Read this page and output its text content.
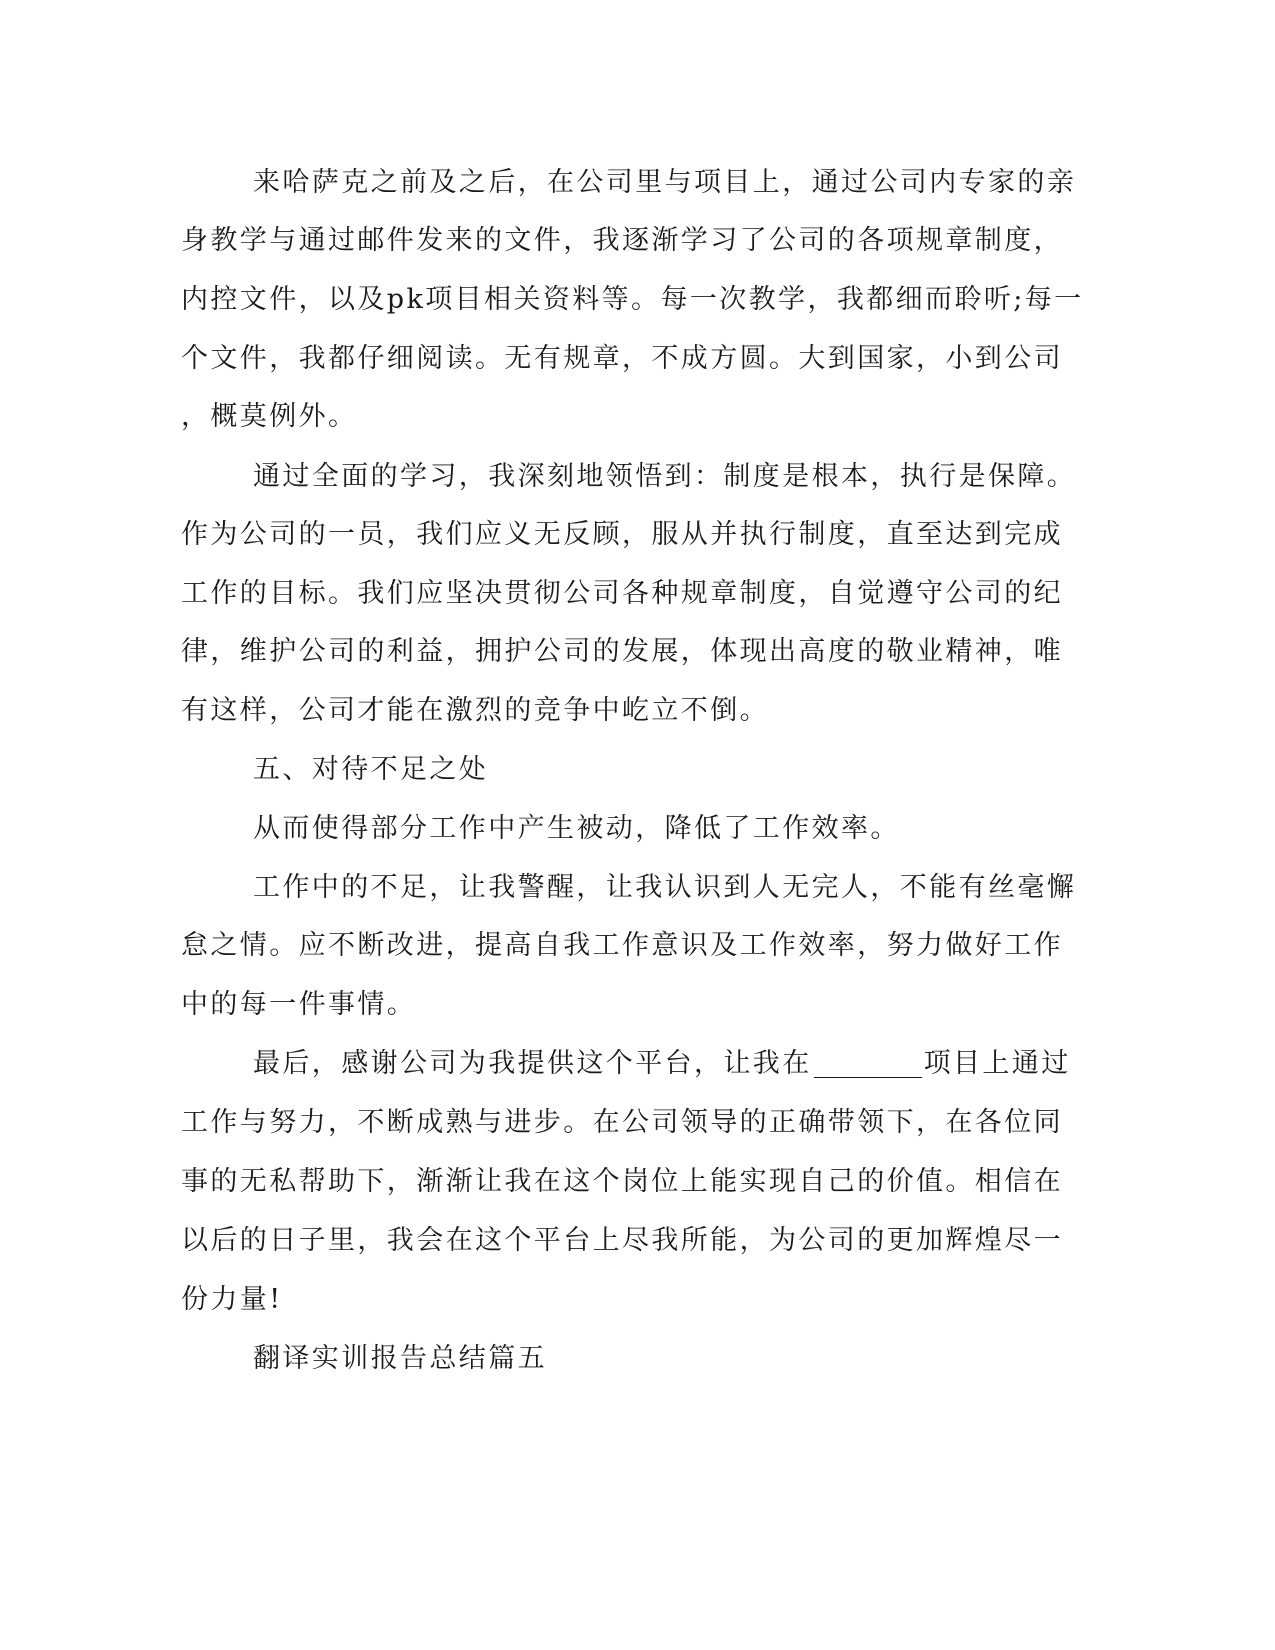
来哈萨克之前及之后，在公司里与项目上，通过公司内专家的亲
身教学与通过邮件发来的文件，我逐渐学习了公司的各项规章制度，
内控文件，以及pk项目相关资料等。每一次教学，我都细而聆听;每一
个文件，我都仔细阅读。无有规章，不成方圆。大到国家，小到公司
，概莫例外。
通过全面的学习，我深刻地领悟到：制度是根本，执行是保障。
作为公司的一员，我们应义无反顾，服从并执行制度，直至达到完成
工作的目标。我们应坚决贯彻公司各种规章制度，自觉遵守公司的纪
律，维护公司的利益，拥护公司的发展，体现出高度的敬业精神，唯
有这样，公司才能在激烈的竞争中屹立不倒。
五、对待不足之处
从而使得部分工作中产生被动，降低了工作效率。
工作中的不足，让我警醒，让我认识到人无完人，不能有丝毫懈
怠之情。应不断改进，提高自我工作意识及工作效率，努力做好工作
中的每一件事情。
最后，感谢公司为我提供这个平台，让我在	项目上通过
工作与努力，不断成熟与进步。在公司领导的正确带领下，在各位同
事的无私帮助下，渐渐让我在这个岗位上能实现自己的价值。相信在
以后的日子里，我会在这个平台上尽我所能，为公司的更加辉煌尽一
份力量!
翻译实训报告总结篇五
